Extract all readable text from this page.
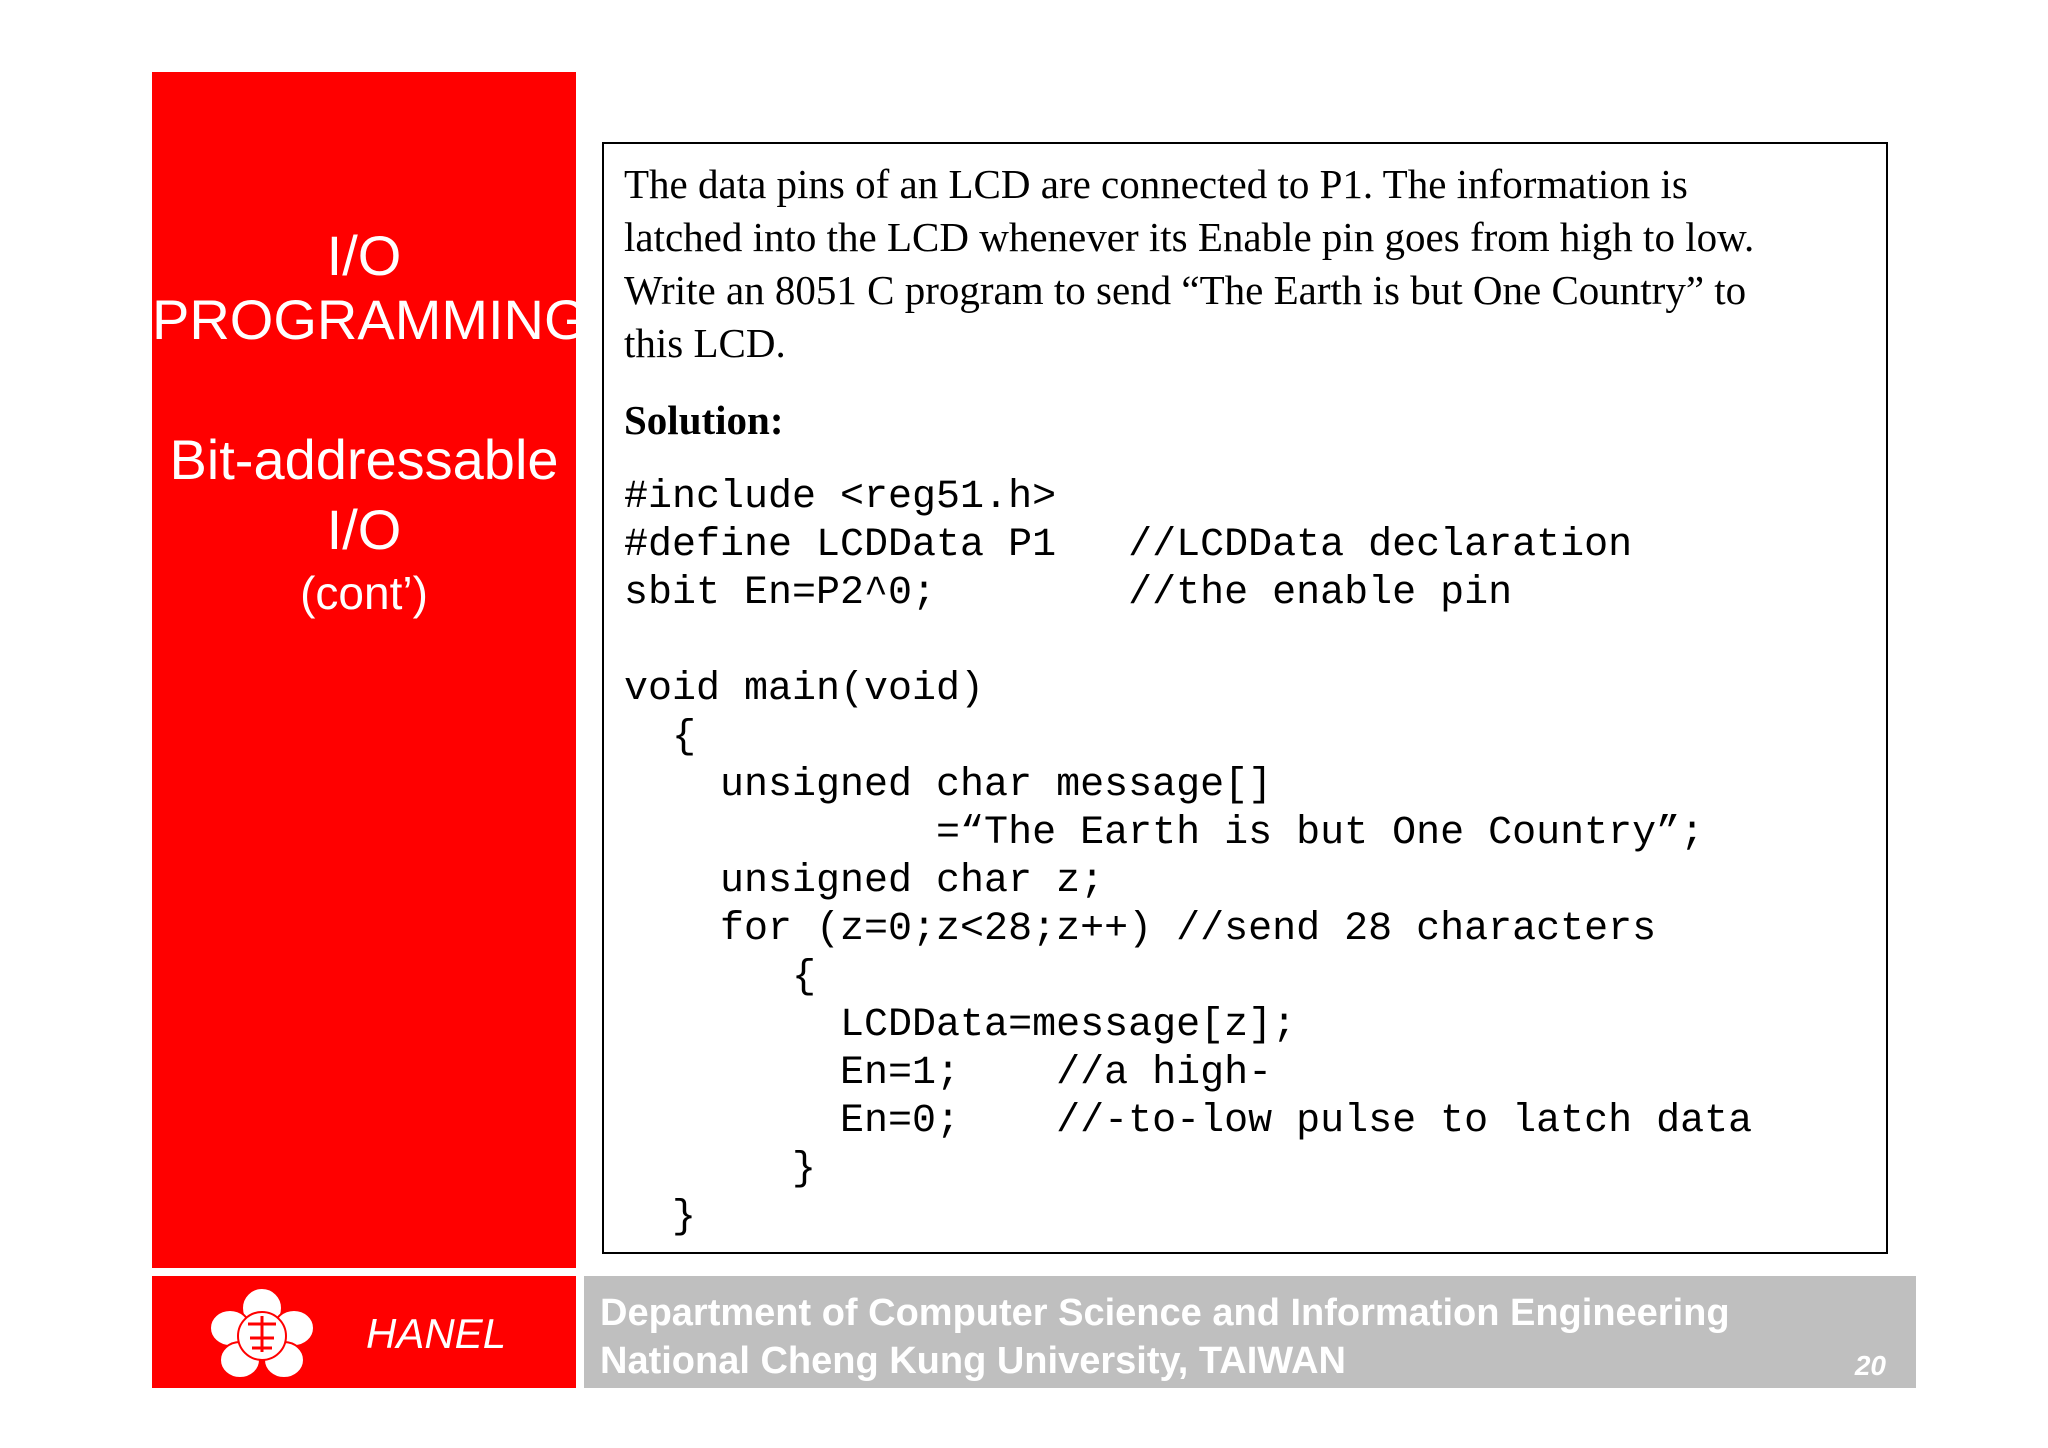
I/O
PROGRAMMING
Bit-addressable
I/O
(cont’)
The data pins of an LCD are connected to P1. The information is
latched into the LCD whenever its Enable pin goes from high to low.
Write an 8051 C program to send “The Earth is but One Country” to
this LCD.
Solution:
#include <reg51.h>
#define LCDData P1   //LCDData declaration
sbit En=P2^0;        //the enable pin
void main(void)
{
unsigned char message[]
=“The Earth is but One Country”;
unsigned char z;
for (z=0;z<28;z++) //send 28 characters
{
LCDData=message[z];
En=1;    //a high-
En=0;    //-to-low pulse to latch data
}
}
HANEL Department of Computer Science and Information Engineering
National Cheng Kung University, TAIWAN	20
